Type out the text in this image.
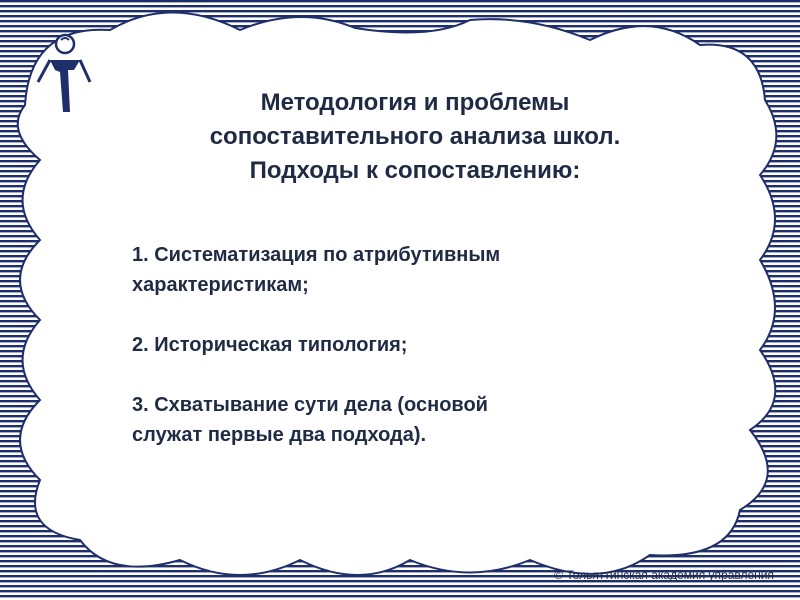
Методология и проблемы
сопоставительного анализа школ.
Подходы к сопоставлению:
1. Систематизация по атрибутивным
характеристикам;
2. Историческая типология;
3. Схватывание сути дела (основой
служат первые два подхода).
© Тольяттинская академия управления
